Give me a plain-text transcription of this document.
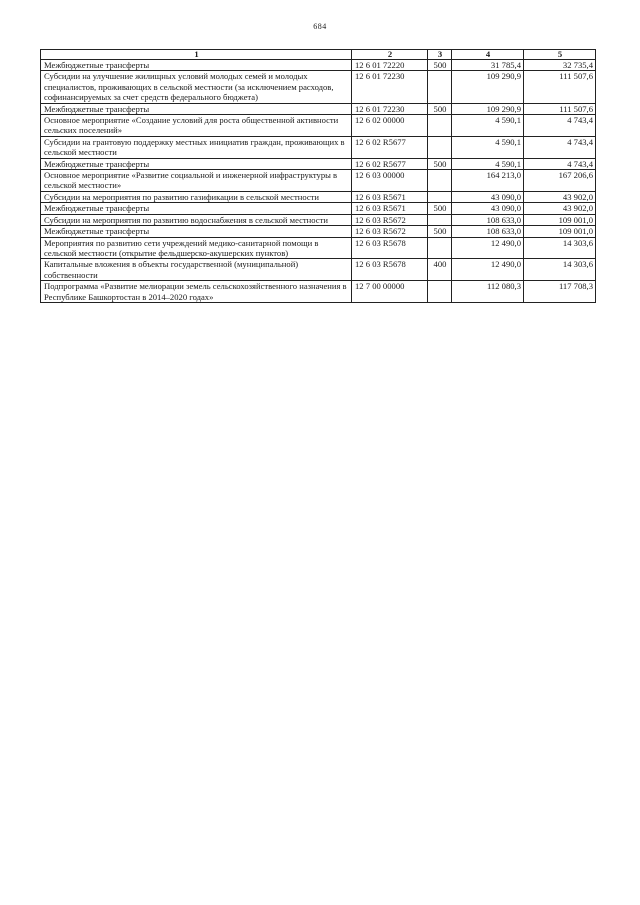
684
1	2	3	4	5
Межбюджетные трансферты	12 6 01 72220	500	31 785,4	32 735,4
Субсидии на улучшение жилищных условий молодых семей и молодых специалистов, проживающих в сельской местности (за исключением расходов, софинансируемых за счет средств федерального бюджета)	12 6 01 72230		109 290,9	111 507,6
Межбюджетные трансферты	12 6 01 72230	500	109 290,9	111 507,6
Основное мероприятие «Создание условий для роста общественной активности сельских поселений»	12 6 02 00000		4 590,1	4 743,4
Субсидии на грантовую поддержку местных инициатив граждан, проживающих в сельской местности	12 6 02 R5677		4 590,1	4 743,4
Межбюджетные трансферты	12 6 02 R5677	500	4 590,1	4 743,4
Основное мероприятие «Развитие социальной и инженерной инфраструктуры в сельской местности»	12 6 03 00000		164 213,0	167 206,6
Субсидии на мероприятия по развитию газификации в сельской местности	12 6 03 R5671		43 090,0	43 902,0
Межбюджетные трансферты	12 6 03 R5671	500	43 090,0	43 902,0
Субсидии на мероприятия по развитию водоснабжения в сельской местности	12 6 03 R5672		108 633,0	109 001,0
Межбюджетные трансферты	12 6 03 R5672	500	108 633,0	109 001,0
Мероприятия по развитию сети учреждений медико-санитарной помощи в сельской местности (открытие фельдшерско-акушерских пунктов)	12 6 03 R5678		12 490,0	14 303,6
Капитальные вложения в объекты государственной (муниципальной) собственности	12 6 03 R5678	400	12 490,0	14 303,6
Подпрограмма «Развитие мелиорации земель сельскохозяйственного назначения в Республике Башкортостан в 2014–2020 годах»	12 7 00 00000		112 080,3	117 708,3
